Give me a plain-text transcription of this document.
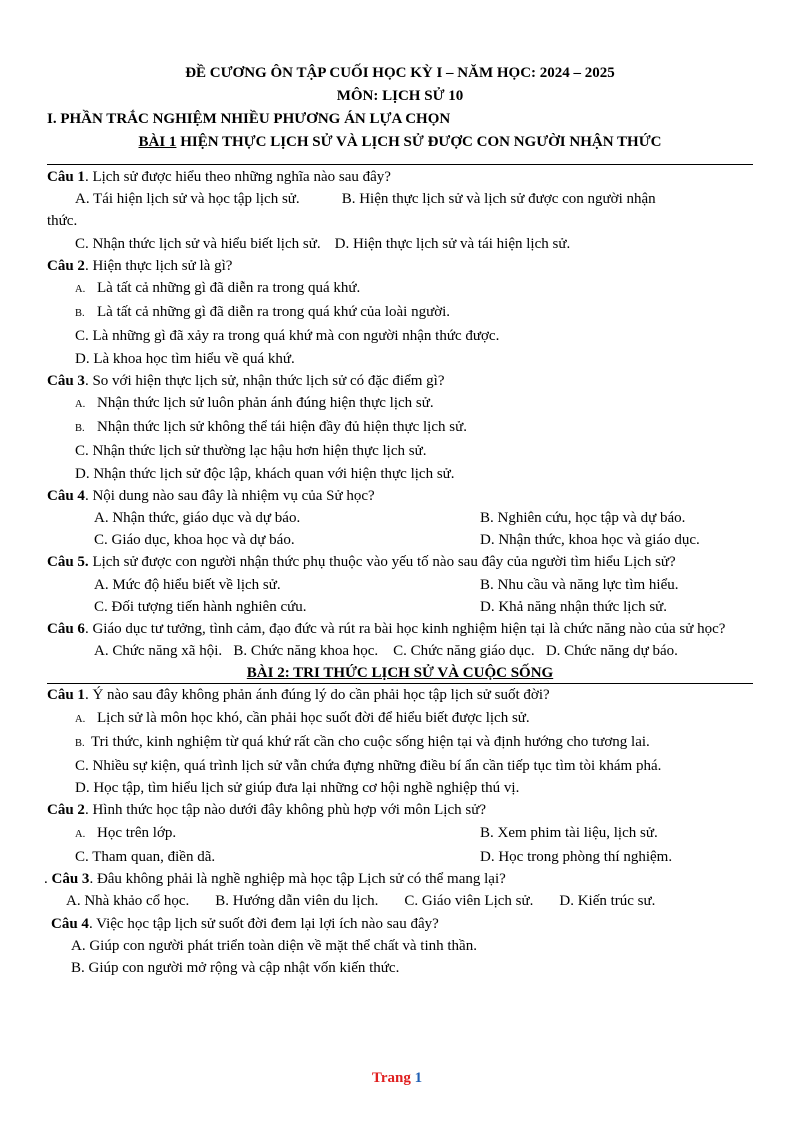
ĐỀ CƯƠNG ÔN TẬP CUỐI HỌC KỲ I – NĂM HỌC: 2024 – 2025
MÔN: LỊCH SỬ 10
I. PHẦN TRẮC NGHIỆM NHIỀU PHƯƠNG ÁN LỰA CHỌN
BÀI 1 HIỆN THỰC LỊCH SỬ VÀ LỊCH SỬ ĐƯỢC CON NGƯỜI NHẬN THỨC
Câu 1. Lịch sử được hiểu theo những nghĩa nào sau đây?
A. Tái hiện lịch sử và học tập lịch sử.	B. Hiện thực lịch sử và lịch sử được con người nhận
thức.
C. Nhận thức lịch sử và hiểu biết lịch sử. D. Hiện thực lịch sử và tái hiện lịch sử.
Câu 2. Hiện thực lịch sử là gì?
A. Là tất cả những gì đã diễn ra trong quá khứ.
B. Là tất cả những gì đã diễn ra trong quá khứ của loài người.
C. Là những gì đã xảy ra trong quá khứ mà con người nhận thức được.
D. Là khoa học tìm hiểu về quá khứ.
Câu 3. So với hiện thực lịch sử, nhận thức lịch sử có đặc điểm gì?
A. Nhận thức lịch sử luôn phản ánh đúng hiện thực lịch sử.
B. Nhận thức lịch sử không thể tái hiện đầy đủ hiện thực lịch sử.
C. Nhận thức lịch sử thường lạc hậu hơn hiện thực lịch sử.
D. Nhận thức lịch sử độc lập, khách quan với hiện thực lịch sử.
Câu 4. Nội dung nào sau đây là nhiệm vụ của Sử học?
A. Nhận thức, giáo dục và dự báo.	B. Nghiên cứu, học tập và dự báo.
C. Giáo dục, khoa học và dự báo.	D. Nhận thức, khoa học và giáo dục.
Câu 5. Lịch sử được con người nhận thức phụ thuộc vào yếu tố nào sau đây của người tìm hiểu Lịch sử?
A. Mức độ hiểu biết về lịch sử.	B. Nhu cầu và năng lực tìm hiểu.
C. Đối tượng tiến hành nghiên cứu.	D. Khả năng nhận thức lịch sử.
Câu 6. Giáo dục tư tưởng, tình cảm, đạo đức và rút ra bài học kinh nghiệm hiện tại là chức năng nào của sử học?
A. Chức năng xã hội.   B. Chức năng khoa học.    C. Chức năng giáo dục.   D. Chức năng dự báo.
BÀI 2: TRI THỨC LỊCH SỬ VÀ CUỘC SỐNG
Câu 1. Ý nào sau đây không phản ánh đúng lý do cần phải học tập lịch sử suốt đời?
A. Lịch sử là môn học khó, cần phải học suốt đời để hiểu biết được lịch sử.
B. Tri thức, kinh nghiệm từ quá khứ rất cần cho cuộc sống hiện tại và định hướng cho tương lai.
C. Nhiều sự kiện, quá trình lịch sử vẫn chứa đựng những điều bí ẩn cần tiếp tục tìm tòi khám phá.
D. Học tập, tìm hiểu lịch sử giúp đưa lại những cơ hội nghề nghiệp thú vị.
Câu 2. Hình thức học tập nào dưới đây không phù hợp với môn Lịch sử?
A. Học trên lớp.	B. Xem phim tài liệu, lịch sử.
C. Tham quan, điền dã.	D. Học trong phòng thí nghiệm.
. Câu 3. Đâu không phải là nghề nghiệp mà học tập Lịch sử có thể mang lại?
A. Nhà khảo cổ học. B. Hướng dẫn viên du lịch. C. Giáo viên Lịch sử. D. Kiến trúc sư.
Câu 4. Việc học tập lịch sử suốt đời đem lại lợi ích nào sau đây?
A. Giúp con người phát triển toàn diện về mặt thể chất và tinh thần.
B. Giúp con người mở rộng và cập nhật vốn kiến thức.
Trang 1
